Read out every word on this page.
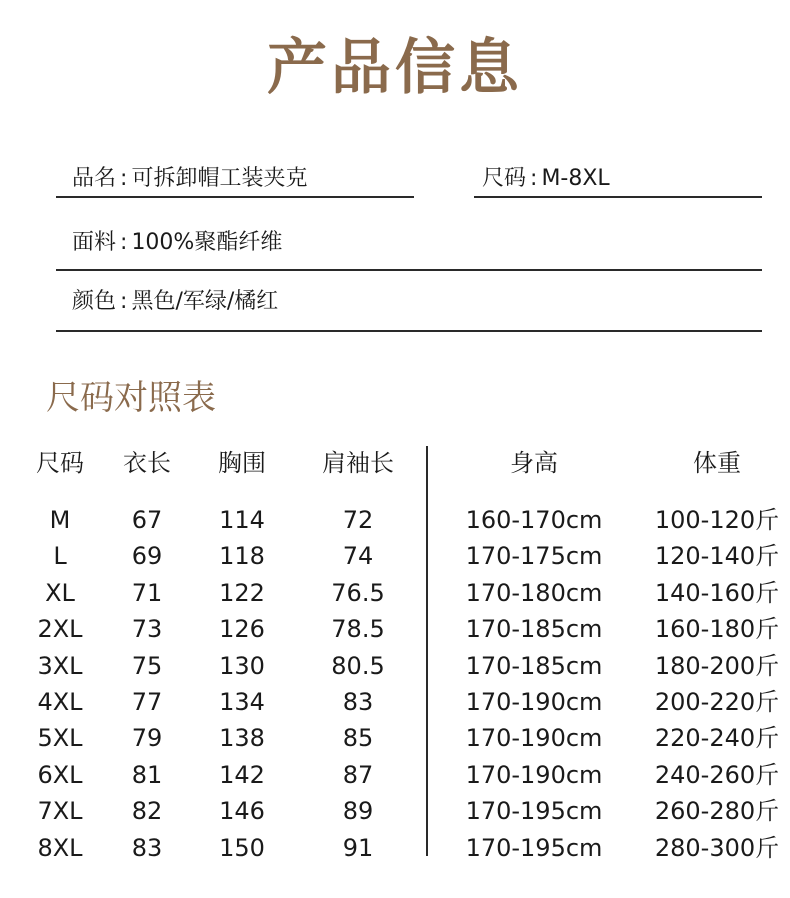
产品信息
品名 : 可拆卸帽工装夹克	尺码 : M-8XL
面料 : 100%聚酯纤维
颜色 : 黑色/军绿/橘红
尺码对照表
尺码	衣长	胸围	肩袖长	身高	体重
M	67	114	72	160-170cm	100-120斤
L	69	118	74	170-175cm	120-140斤
XL	71	122	76.5	170-180cm	140-160斤
2XL	73	126	78.5	170-185cm	160-180斤
3XL	75	130	80.5	170-185cm	180-200斤
4XL	77	134	83	170-190cm	200-220斤
5XL	79	138	85	170-190cm	220-240斤
6XL	81	142	87	170-190cm	240-260斤
7XL	82	146	89	170-195cm	260-280斤
8XL	83	150	91	170-195cm	280-300斤
